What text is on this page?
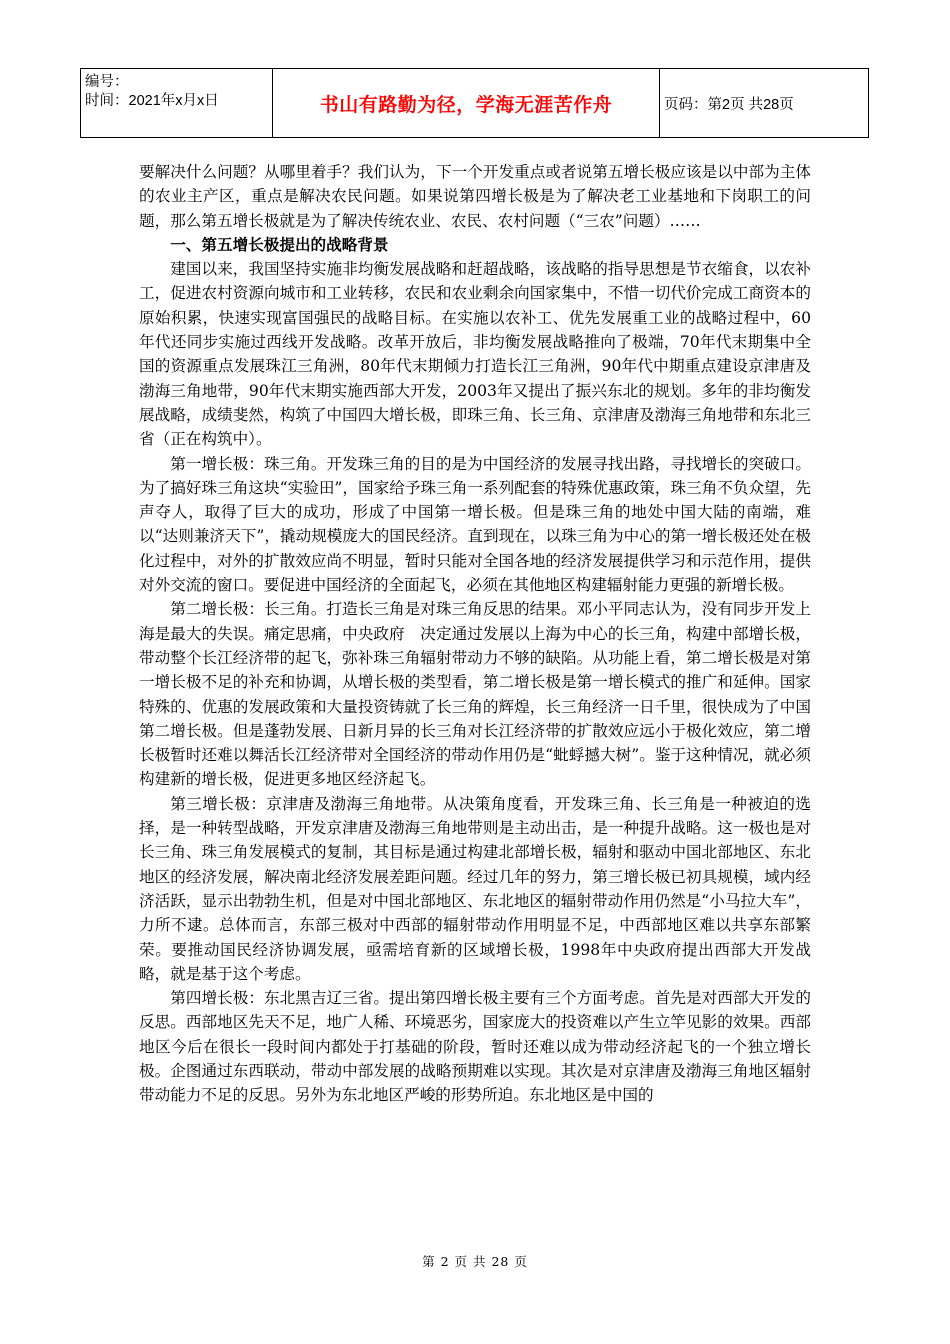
编号：
时间：2021年x月x日	书山有路勤为径，学海无涯苦作舟	页码：第2页 共28页

要解决什么问题？从哪里着手？我们认为，下一个开发重点或者说第五增长极应该是以中部为主体的农业主产区，重点是解决农民问题。如果说第四增长极是为了解决老工业基地和下岗职工的问题，那么第五增长极就是为了解决传统农业、农民、农村问题（“三农”问题）……

一、第五增长极提出的战略背景

建国以来，我国坚持实施非均衡发展战略和赶超战略，该战略的指导思想是节衣缩食，以农补工，促进农村资源向城市和工业转移，农民和农业剩余向国家集中，不惜一切代价完成工商资本的原始积累，快速实现富国强民的战略目标。在实施以农补工、优先发展重工业的战略过程中，60年代还同步实施过西线开发战略。改革开放后，非均衡发展战略推向了极端，70年代末期集中全国的资源重点发展珠江三角洲，80年代末期倾力打造长江三角洲，90年代中期重点建设京津唐及渤海三角地带，90年代末期实施西部大开发，2003年又提出了振兴东北的规划。多年的非均衡发展战略，成绩斐然，构筑了中国四大增长极，即珠三角、长三角、京津唐及渤海三角地带和东北三省（正在构筑中）。

第一增长极：珠三角。开发珠三角的目的是为中国经济的发展寻找出路，寻找增长的突破口。为了搞好珠三角这块“实验田”，国家给予珠三角一系列配套的特殊优惠政策，珠三角不负众望，先声夺人，取得了巨大的成功，形成了中国第一增长极。但是珠三角的地处中国大陆的南端，难以“达则兼济天下”，撬动规模庞大的国民经济。直到现在，以珠三角为中心的第一增长极还处在极化过程中，对外的扩散效应尚不明显，暂时只能对全国各地的经济发展提供学习和示范作用，提供对外交流的窗口。要促进中国经济的全面起飞，必须在其他地区构建辐射能力更强的新增长极。

第二增长极：长三角。打造长三角是对珠三角反思的结果。邓小平同志认为，没有同步开发上海是最大的失误。痛定思痛，中央政府　决定通过发展以上海为中心的长三角，构建中部增长极，带动整个长江经济带的起飞，弥补珠三角辐射带动力不够的缺陷。从功能上看，第二增长极是对第一增长极不足的补充和协调，从增长极的类型看，第二增长极是第一增长模式的推广和延伸。国家特殊的、优惠的发展政策和大量投资铸就了长三角的辉煌，长三角经济一日千里，很快成为了中国第二增长极。但是蓬勃发展、日新月异的长三角对长江经济带的扩散效应远小于极化效应，第二增长极暂时还难以舞活长江经济带对全国经济的带动作用仍是“蚍蜉撼大树”。鉴于这种情况，就必须构建新的增长极，促进更多地区经济起飞。

第三增长极：京津唐及渤海三角地带。从决策角度看，开发珠三角、长三角是一种被迫的选择，是一种转型战略，开发京津唐及渤海三角地带则是主动出击，是一种提升战略。这一极也是对长三角、珠三角发展模式的复制，其目标是通过构建北部增长极，辐射和驱动中国北部地区、东北地区的经济发展，解决南北经济发展差距问题。经过几年的努力，第三增长极已初具规模，域内经济活跃，显示出勃勃生机，但是对中国北部地区、东北地区的辐射带动作用仍然是“小马拉大车”，力所不逮。总体而言，东部三极对中西部的辐射带动作用明显不足，中西部地区难以共享东部繁荣。要推动国民经济协调发展，亟需培育新的区域增长极，1998年中央政府提出西部大开发战略，就是基于这个考虑。

第四增长极：东北黑吉辽三省。提出第四增长极主要有三个方面考虑。首先是对西部大开发的反思。西部地区先天不足，地广人稀、环境恶劣，国家庞大的投资难以产生立竿见影的效果。西部地区今后在很长一段时间内都处于打基础的阶段，暂时还难以成为带动经济起飞的一个独立增长极。企图通过东西联动，带动中部发展的战略预期难以实现。其次是对京津唐及渤海三角地区辐射带动能力不足的反思。另外为东北地区严峻的形势所迫。东北地区是中国的

第 2 页 共 28 页
